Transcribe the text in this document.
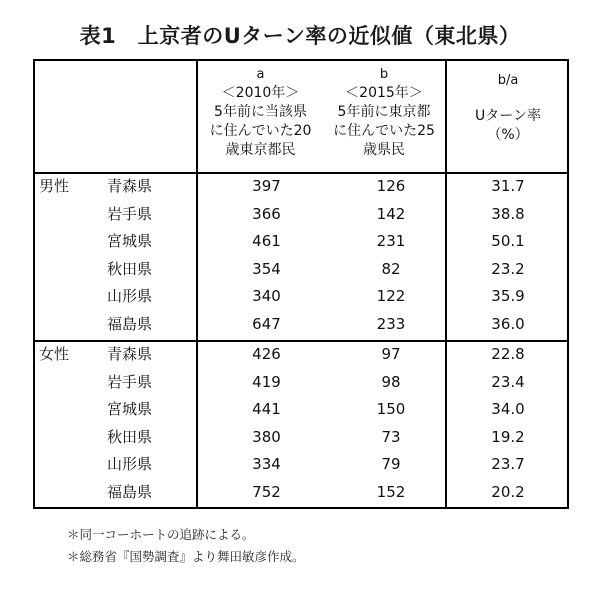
表1　上京者のUターン率の近似値（東北県）
a
＜2010年＞
5年前に当該県
に住んでいた20
歳東京都民
b
＜2015年＞
5年前に東京都
に住んでいた25
歳県民
b/a
Uターン率
（%）
男性	青森県	397	126	31.7
岩手県	366	142	38.8
宮城県	461	231	50.1
秋田県	354	82	23.2
山形県	340	122	35.9
福島県	647	233	36.0
女性	青森県	426	97	22.8
岩手県	419	98	23.4
宮城県	441	150	34.0
秋田県	380	73	19.2
山形県	334	79	23.7
福島県	752	152	20.2
＊同一コーホートの追跡による。
＊総務省『国勢調査』より舞田敏彦作成。
